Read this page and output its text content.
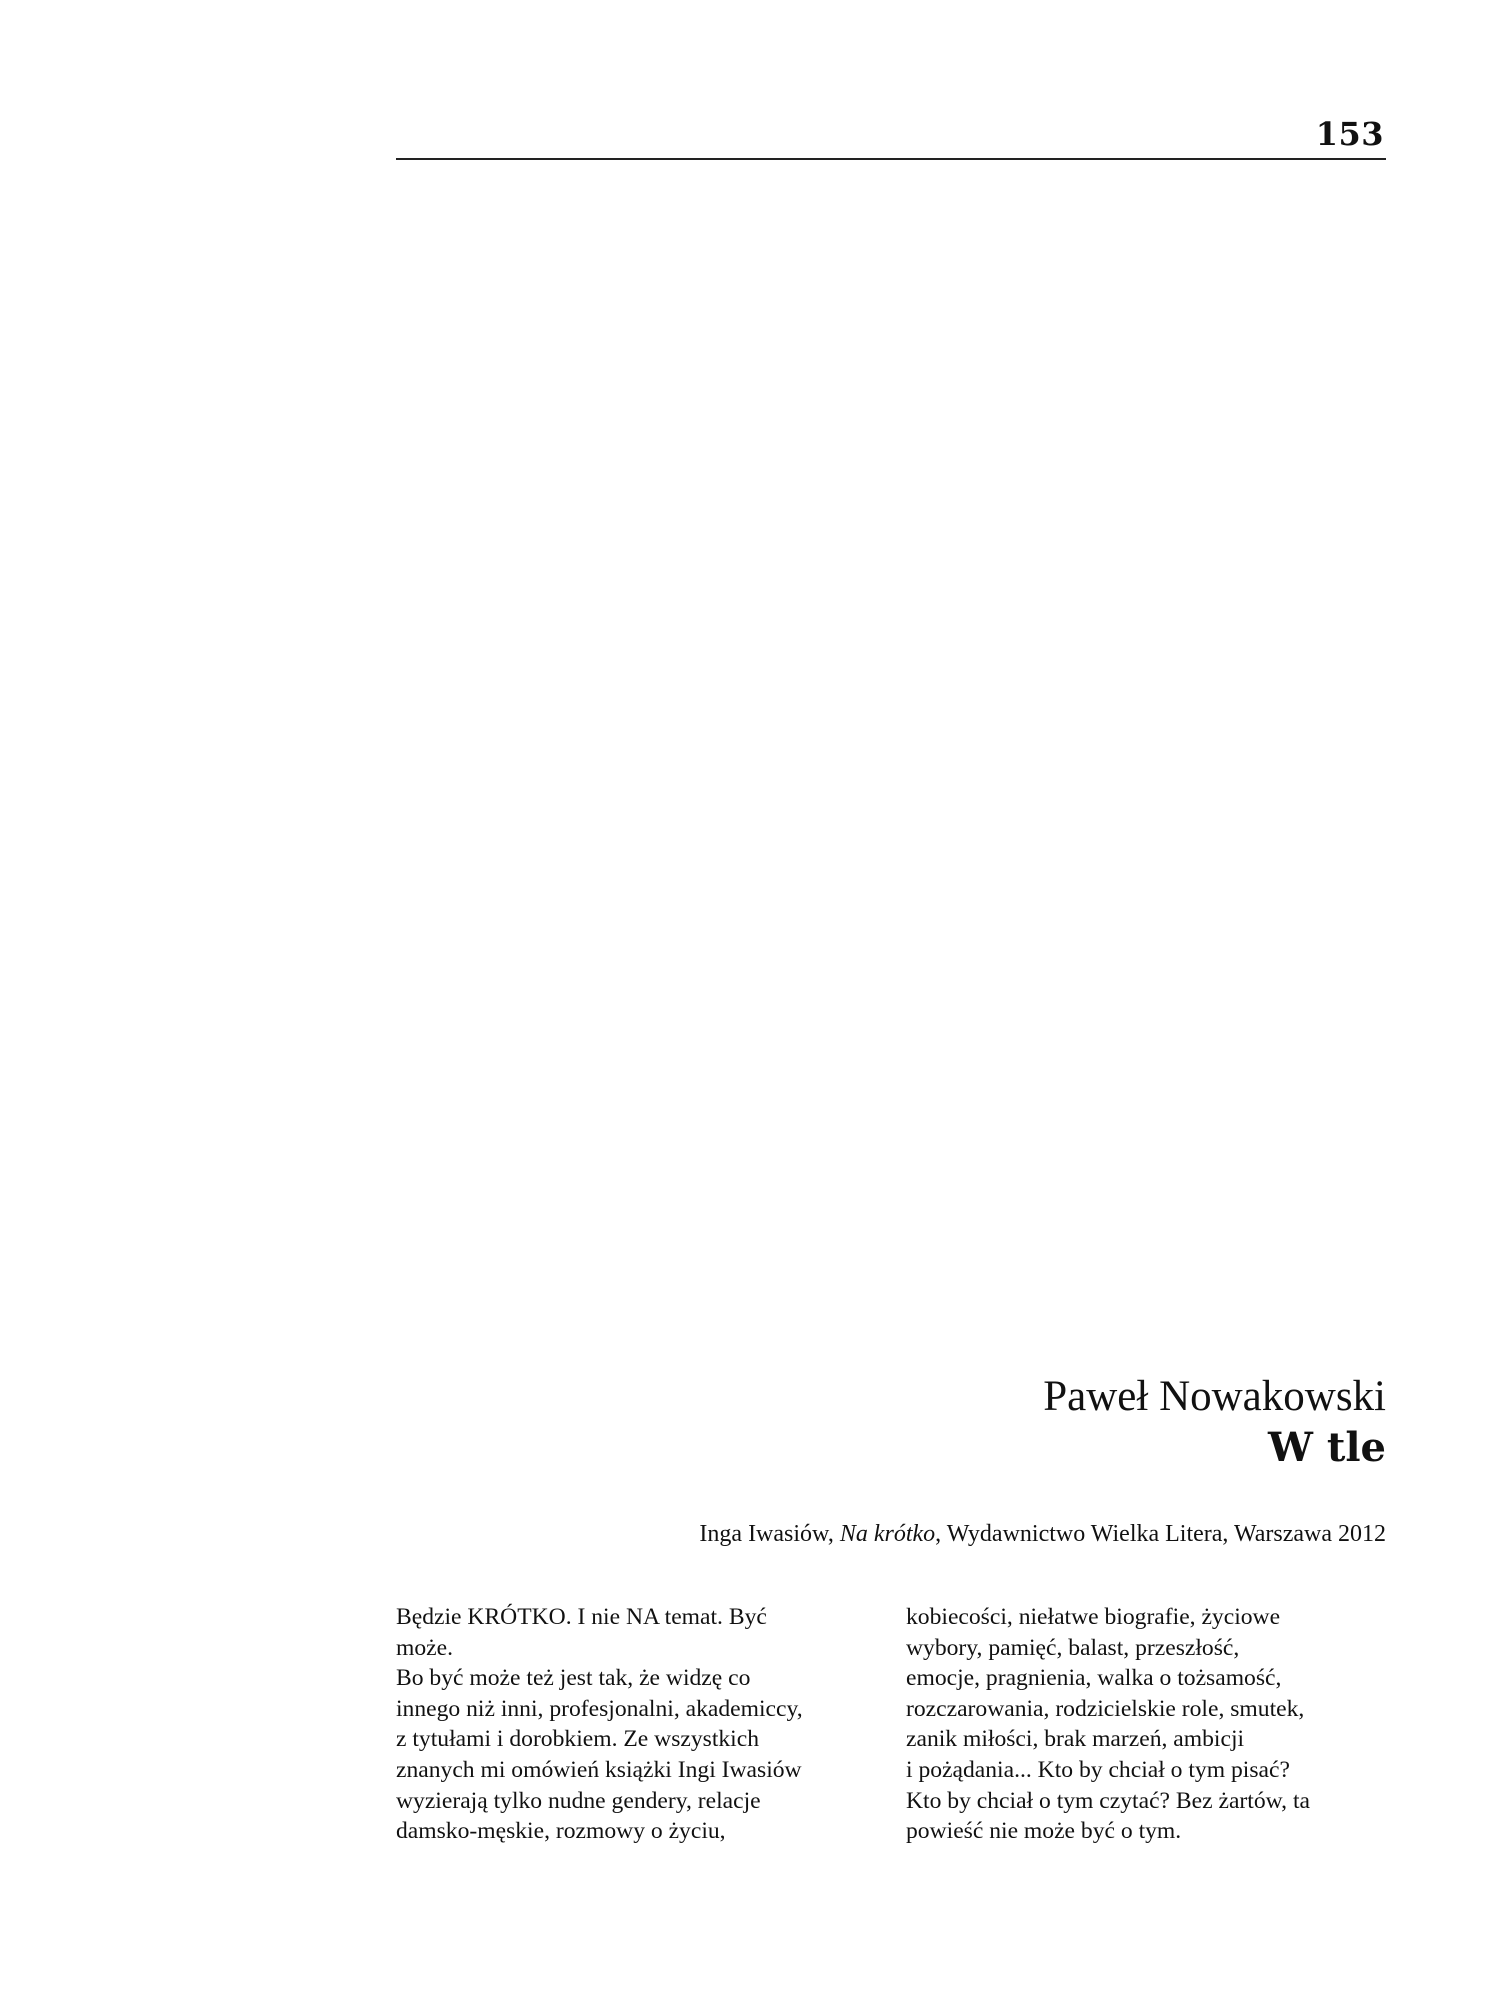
153
Paweł Nowakowski
W tle
Inga Iwasiów, Na krótko, Wydawnictwo Wielka Litera, Warszawa 2012
Będzie KRÓTKO. I nie NA temat. Być
może.
Bo być może też jest tak, że widzę co
innego niż inni, profesjonalni, akademiccy,
z tytułami i dorobkiem. Ze wszystkich
znanych mi omówień książki Ingi Iwasiów
wyzierają tylko nudne gendery, relacje
damsko-męskie, rozmowy o życiu,
kobiecości, niełatwe biografie, życiowe
wybory, pamięć, balast, przeszłość,
emocje, pragnienia, walka o tożsamość,
rozczarowania, rodzicielskie role, smutek,
zanik miłości, brak marzeń, ambicji
i pożądania... Kto by chciał o tym pisać?
Kto by chciał o tym czytać? Bez żartów, ta
powieść nie może być o tym.
